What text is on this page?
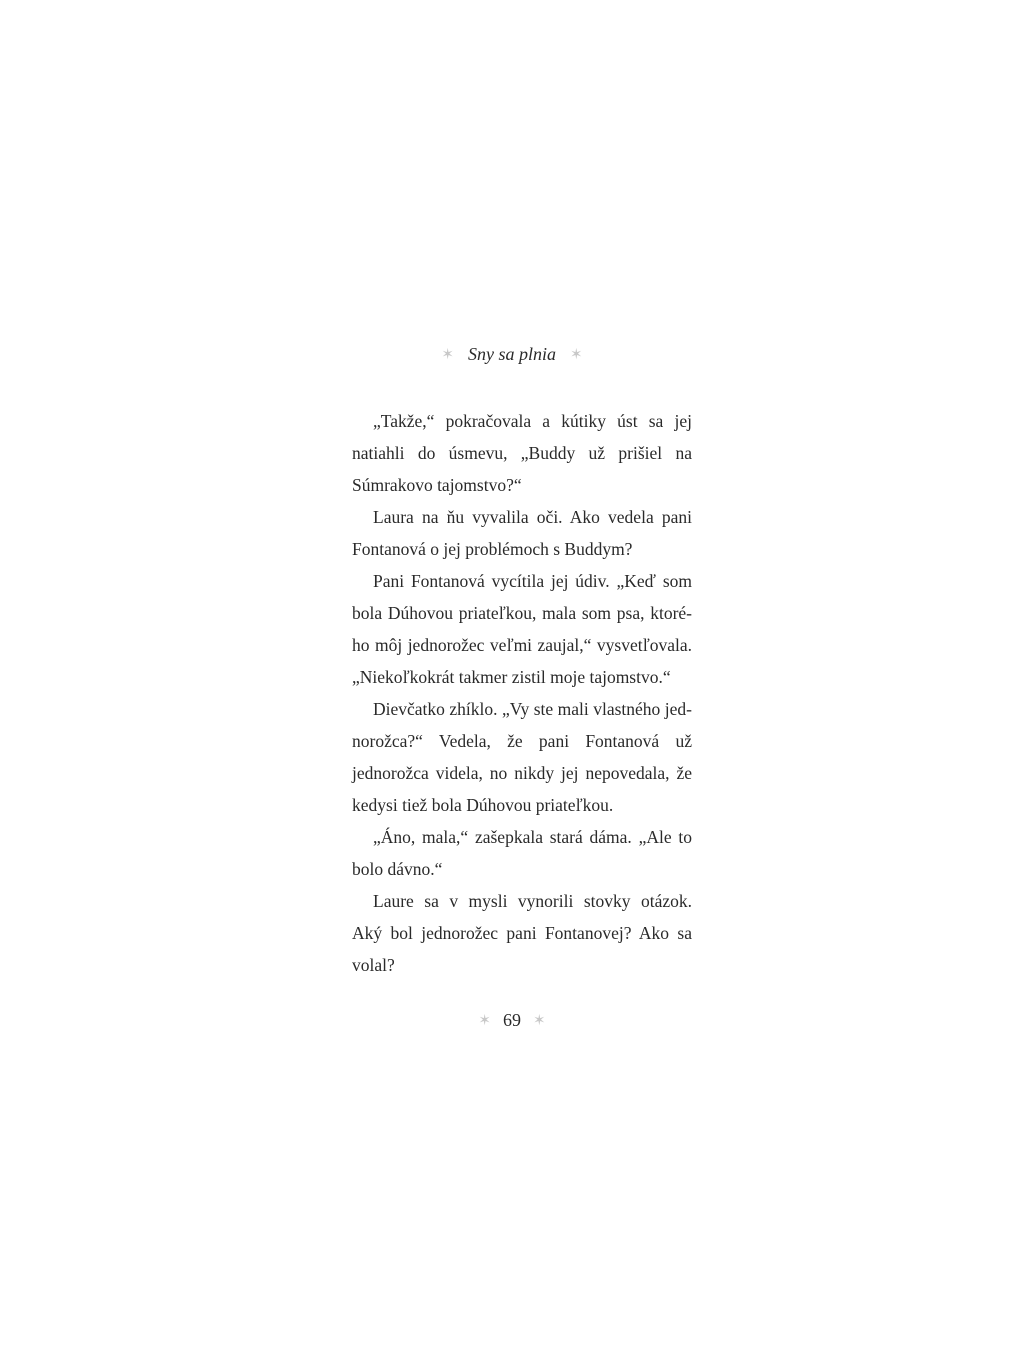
✶ Sny sa plnia ✶

„Takže,“ pokračovala a kútiky úst sa jej natiahli do úsmevu, „Buddy už prišiel na Súmrakovo tajomstvo?“

Laura na ňu vyvalila oči. Ako vedela pani Fontanová o jej problémoch s Buddym?

Pani Fontanová vycítila jej údiv. „Keď som bola Dúhovou priateľkou, mala som psa, ktorého môj jednorožec veľmi zaujal,“ vysvetľovala. „Niekoľkokrát takmer zistil moje tajomstvo.“

Dievčatko zhíklo. „Vy ste mali vlastného jednorožca?“ Vedela, že pani Fontanová už jednorožca videla, no nikdy jej nepovedala, že kedysi tiež bola Dúhovou priateľkou.

„Áno, mala,“ zašepkala stará dáma. „Ale to bolo dávno.“

Laure sa v mysli vynorili stovky otázok. Aký bol jednorožec pani Fontanovej? Ako sa volal?

✶ 69 ✶
